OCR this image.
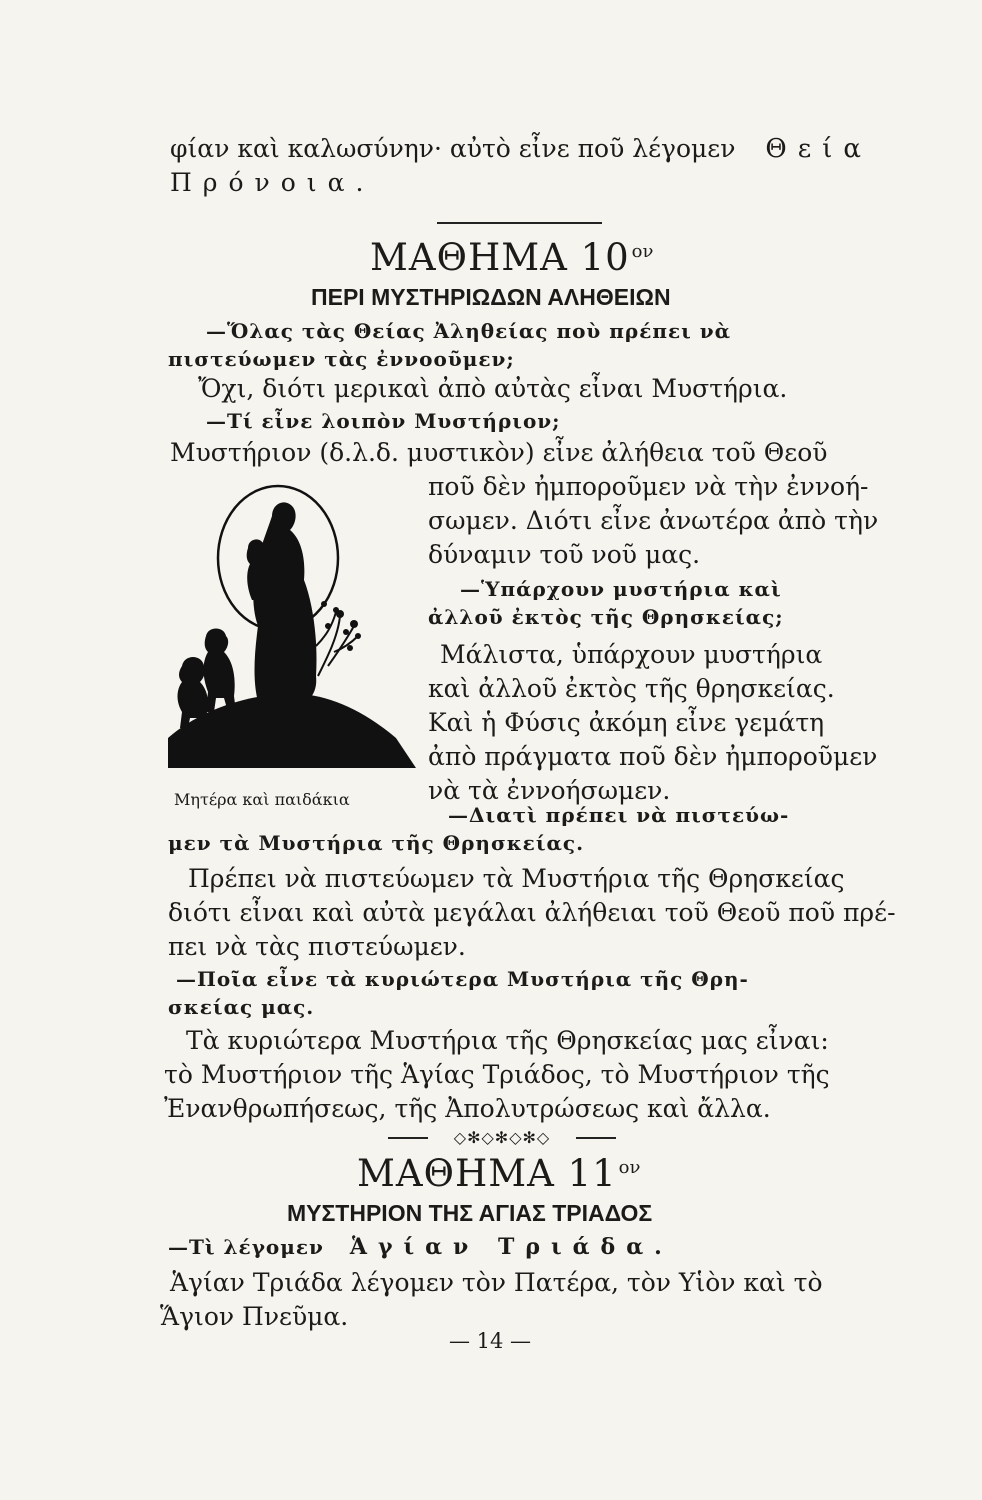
φίαν καὶ καλωσύνην· αὐτὸ εἶνε ποῦ λέγομεν Θεία
Πρόνοια.
ΜΑΘΗΜΑ 10 $^{o\nu}$
ΠΕΡΙ ΜΥΣΤΗΡΙΩΔΩΝ ΑΛΗΘΕΙΩΝ
—Ὅλας τὰς Θείας Ἀληθείας ποὺ πρέπει νὰ
πιστεύωμεν τὰς ἐννοοῦμεν;
Ὄχι, διότι μερικαὶ ἀπὸ αὐτὰς εἶναι Μυστήρια.
—Τί εἶνε λοιπὸν Μυστήριον;
Μυστήριον (δ.λ.δ. μυστικὸν) εἶνε ἀλήθεια τοῦ Θεοῦ
ποῦ δὲν ἠμποροῦμεν νὰ τὴν ἐννοή-
σωμεν. Διότι εἶνε ἀνωτέρα ἀπὸ τὴν
δύναμιν τοῦ νοῦ μας.
—Ὑπάρχουν μυστήρια καὶ
ἀλλοῦ ἐκτὸς τῆς Θρησκείας;
Μάλιστα, ὑπάρχουν μυστήρια
καὶ ἀλλοῦ ἐκτὸς τῆς θρησκείας.
Καὶ ἡ Φύσις ἀκόμη εἶνε γεμάτη
ἀπὸ πράγματα ποῦ δὲν ἠμποροῦμεν
νὰ τὰ ἐννοήσωμεν.
Μητέρα καὶ παιδάκια
—Διατὶ πρέπει νὰ πιστεύω-
μεν τὰ Μυστήρια τῆς Θρησκείας.
Πρέπει νὰ πιστεύωμεν τὰ Μυστήρια τῆς Θρησκείας
διότι εἶναι καὶ αὐτὰ μεγάλαι ἀλήθειαι τοῦ Θεοῦ ποῦ πρέ-
πει νὰ τὰς πιστεύωμεν.
—Ποῖα εἶνε τὰ κυριώτερα Μυστήρια τῆς Θρη-
σκείας μας.
Τὰ κυριώτερα Μυστήρια τῆς Θρησκείας μας εἶναι:
τὸ Μυστήριον τῆς Ἁγίας Τριάδος, τὸ Μυστήριον τῆς
Ἐνανθρωπήσεως, τῆς Ἀπολυτρώσεως καὶ ἄλλα.
◇✻◇✻◇✻◇
ΜΑΘΗΜΑ 11 $^{o\nu}$
ΜΥΣΤΗΡΙΟΝ ΤΗΣ ΑΓΙΑΣ ΤΡΙΑΔΟΣ
—Τὶ λέγομεν Ἁγίαν Τριάδα.
Ἁγίαν Τριάδα λέγομεν τὸν Πατέρα, τὸν Υἱὸν καὶ τὸ
Ἅγιον Πνεῦμα.
— 14 —
